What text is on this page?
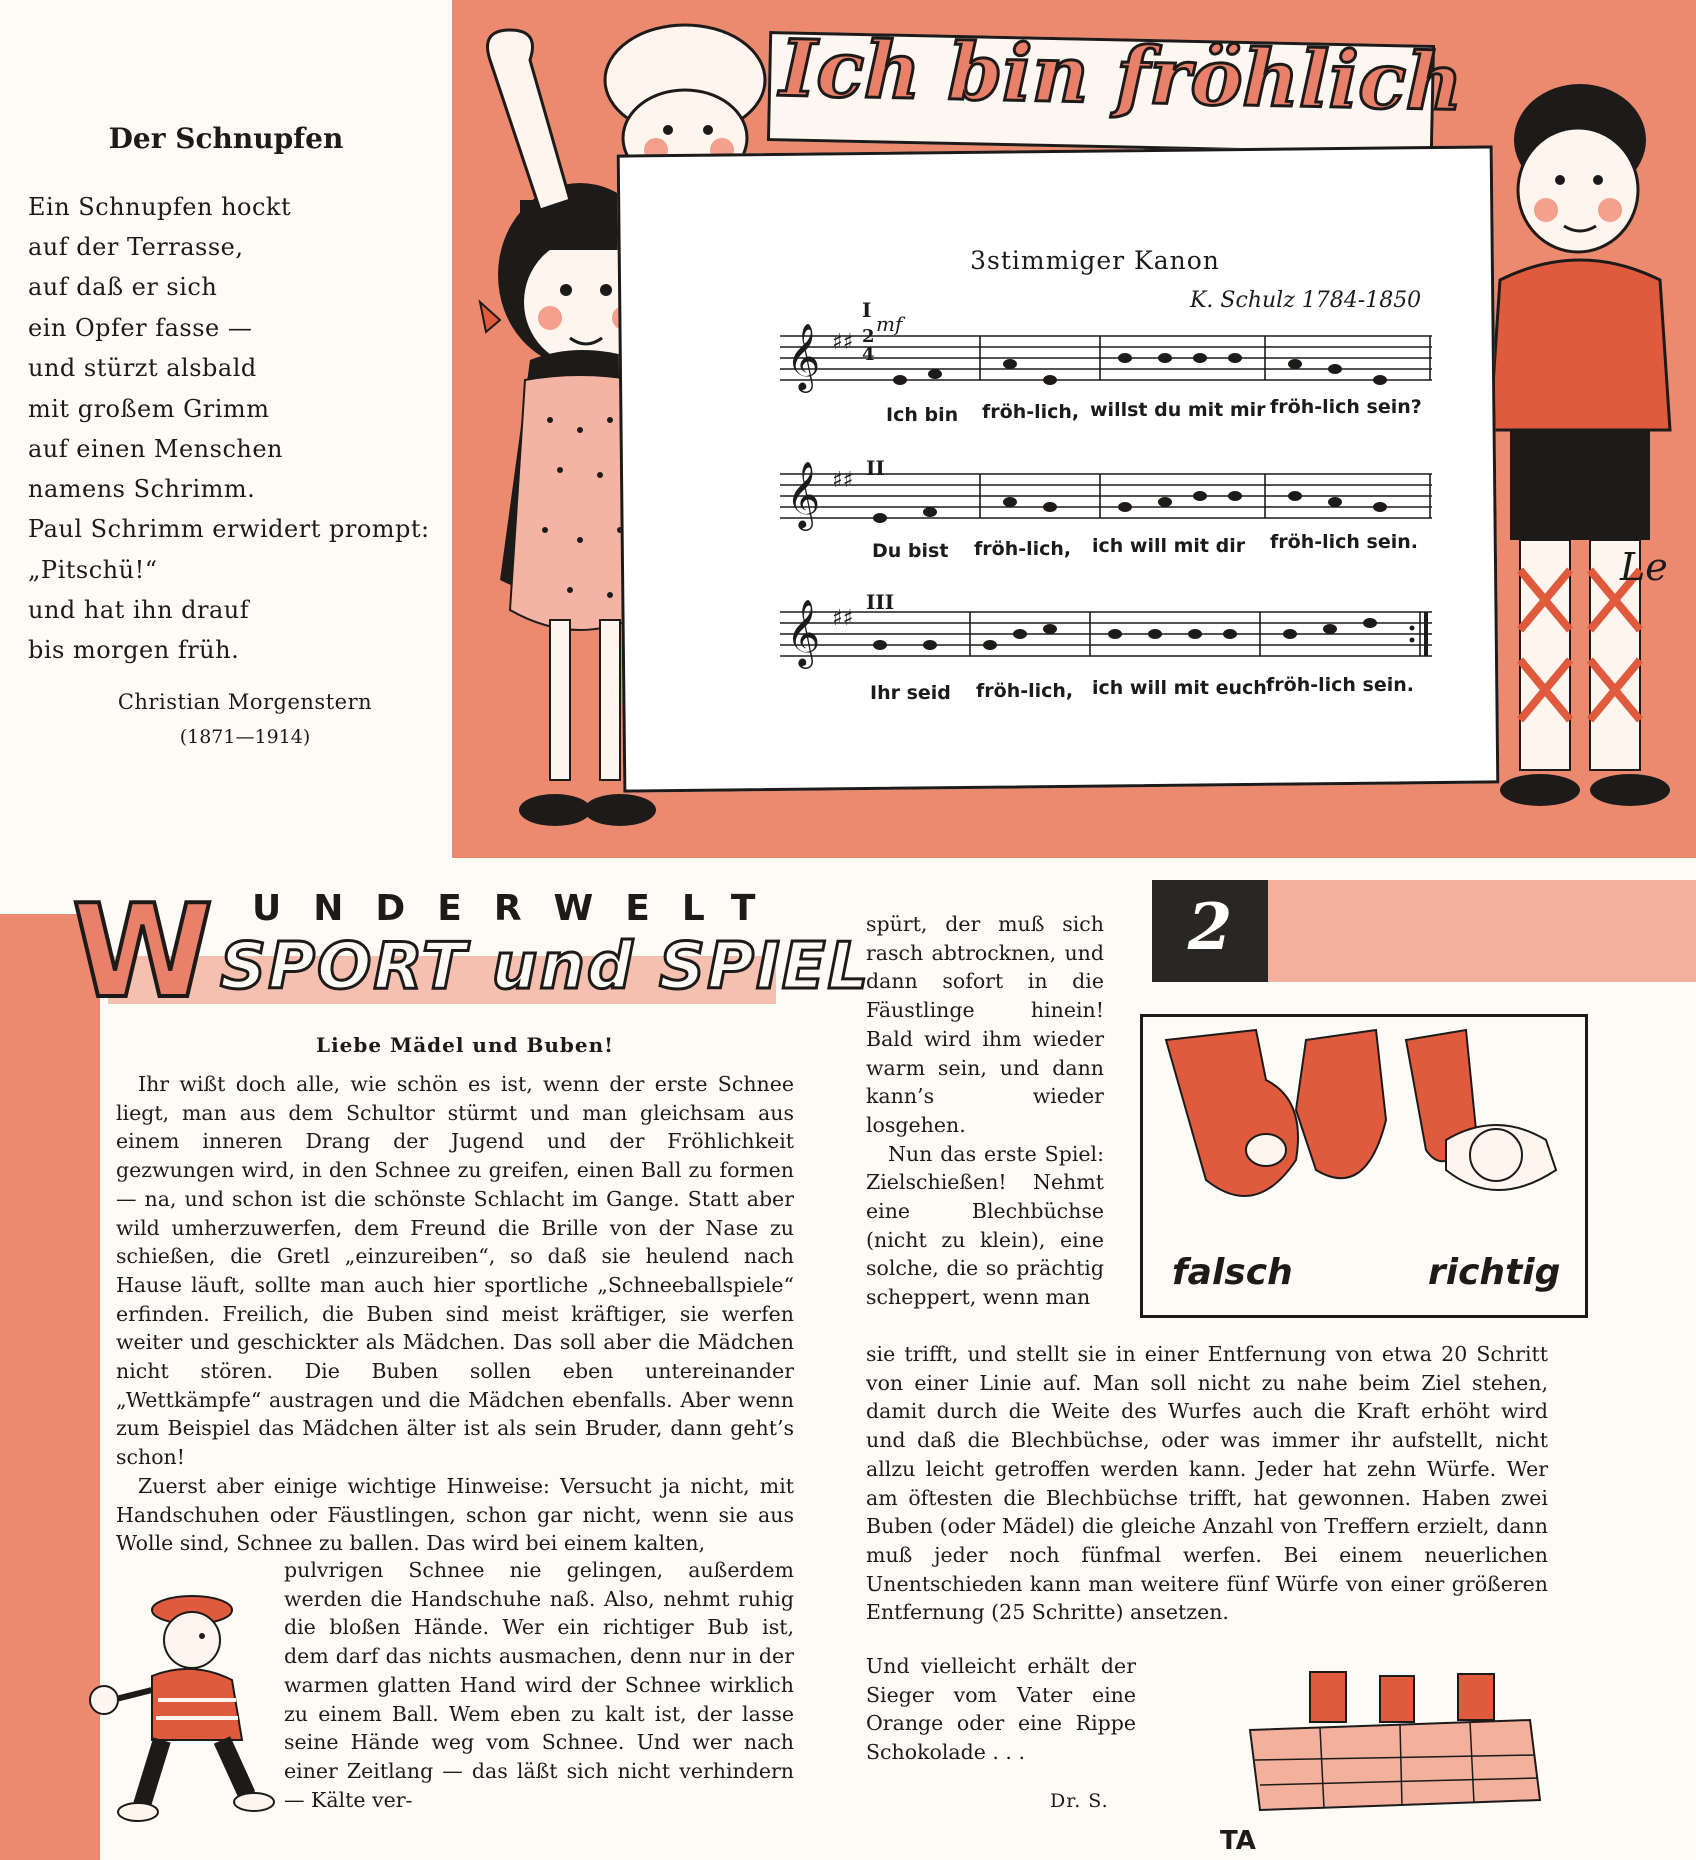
Der Schnupfen
Ein Schnupfen hockt
auf der Terrasse,
auf daß er sich
ein Opfer fasse —
und stürzt alsbald
mit großem Grimm
auf einen Menschen
namens Schrimm.
Paul Schrimm erwidert prompt:
„Pitschü!“
und hat ihn drauf
bis morgen früh.
Christian Morgenstern
(1871—1914)
Ich bin fröhlich
3stimmiger Kanon
K. Schulz 1784-1850
Le
I
mf
𝄞 ♯♯ 2
4
Ich bin fröh-lich, willst du mit mir fröh-lich sein?
II
𝄞 ♯♯
Du bist fröh-lich, ich will mit dir fröh-lich sein.
III
𝄞 ♯♯
Ihr seid fröh-lich, ich will mit euch fröh-lich sein.
2
W UNDERWELT
SPORT und SPIEL
Liebe Mädel und Buben!

Ihr wißt doch alle, wie schön es ist, wenn der erste Schnee liegt, man aus dem Schultor stürmt und man gleichsam aus einem inneren Drang der Jugend und der Fröhlichkeit gezwungen wird, in den Schnee zu greifen, einen Ball zu formen — na, und schon ist die schönste Schlacht im Gange. Statt aber wild umherzuwerfen, dem Freund die Brille von der Nase zu schießen, die Gretl „einzureiben“, so daß sie heulend nach Hause läuft, sollte man auch hier sportliche „Schneeballspiele“ erfinden. Freilich, die Buben sind meist kräftiger, sie werfen weiter und geschickter als Mädchen. Das soll aber die Mädchen nicht stören. Die Buben sollen eben untereinander „Wettkämpfe“ austragen und die Mädchen ebenfalls. Aber wenn zum Beispiel das Mädchen älter ist als sein Bruder, dann geht’s schon!

Zuerst aber einige wichtige Hinweise: Versucht ja nicht, mit Handschuhen oder Fäustlingen, schon gar nicht, wenn sie aus Wolle sind, Schnee zu ballen. Das wird bei einem kalten,

pulvrigen Schnee nie gelingen, außerdem werden die Handschuhe naß. Also, nehmt ruhig die bloßen Hände. Wer ein richtiger Bub ist, dem darf das nichts ausmachen, denn nur in der warmen glatten Hand wird der Schnee wirklich zu einem Ball. Wem eben zu kalt ist, der lasse seine Hände weg vom Schnee. Und wer nach einer Zeitlang — das läßt sich nicht verhindern — Kälte ver-

spürt, der muß sich rasch abtrocknen, und dann sofort in die Fäustlinge hinein! Bald wird ihm wieder warm sein, und dann kann’s wieder losgehen.

Nun das erste Spiel: Zielschießen! Nehmt eine Blechbüchse (nicht zu klein), eine solche, die so prächtig scheppert, wenn man

falsch	richtig
sie trifft, und stellt sie in einer Entfernung von etwa 20 Schritt von einer Linie auf. Man soll nicht zu nahe beim Ziel stehen, damit durch die Weite des Wurfes auch die Kraft erhöht wird und daß die Blechbüchse, oder was immer ihr aufstellt, nicht allzu leicht getroffen werden kann. Jeder hat zehn Würfe. Wer am öftesten die Blechbüchse trifft, hat gewonnen. Haben zwei Buben (oder Mädel) die gleiche Anzahl von Treffern erzielt, dann muß jeder noch fünfmal werfen. Bei einem neuerlichen Unentschieden kann man weitere fünf Würfe von einer größeren Entfernung (25 Schritte) ansetzen.
Und vielleicht erhält der Sieger vom Vater eine Orange oder eine Rippe Schokolade . . .
Dr. S.
TA
